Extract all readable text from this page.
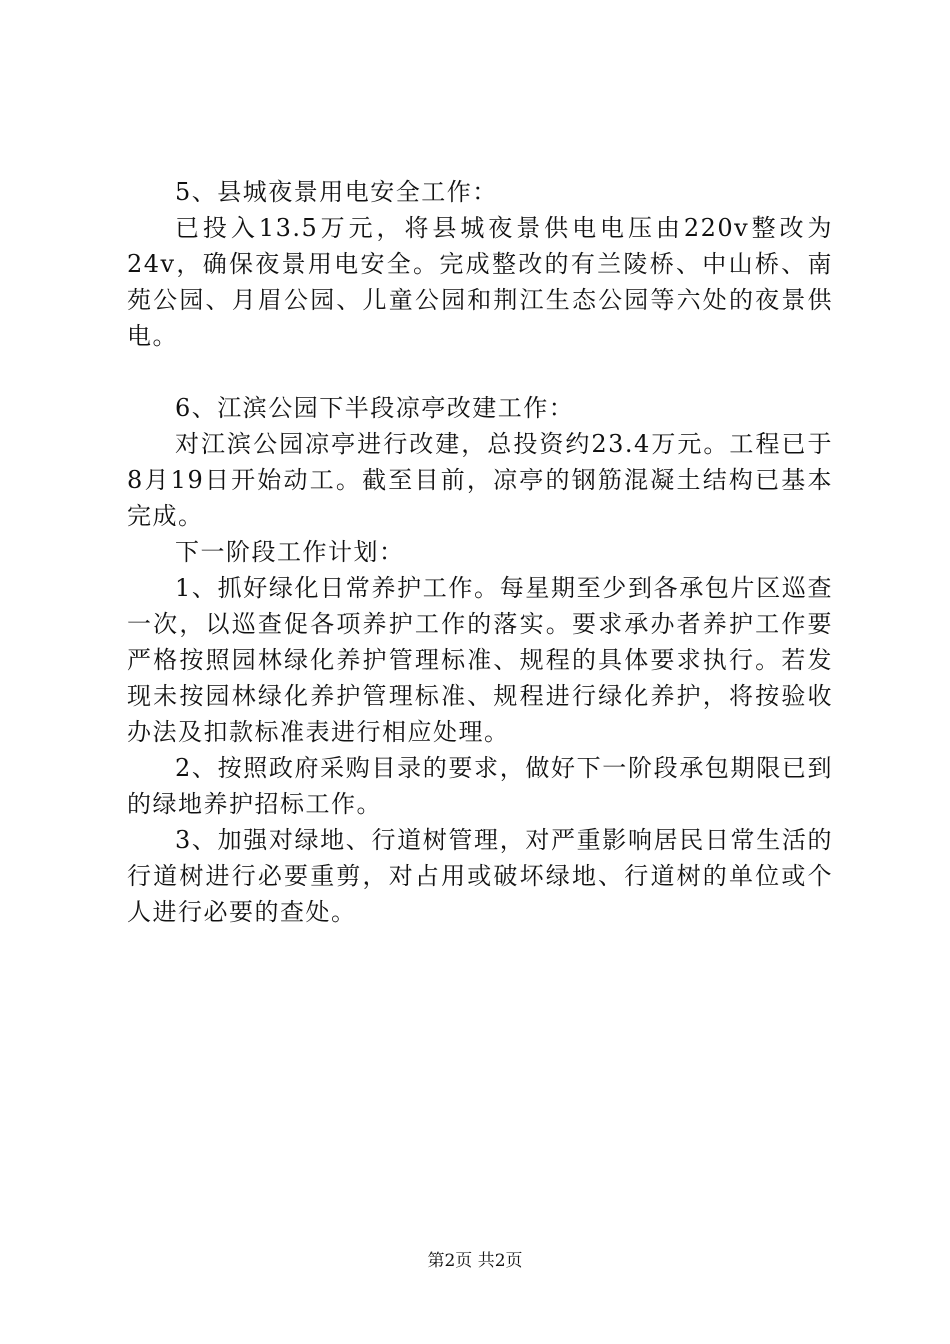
5、县城夜景用电安全工作：

已投入13.5万元，将县城夜景供电电压由220v整改为24v，确保夜景用电安全。完成整改的有兰陵桥、中山桥、南苑公园、月眉公园、儿童公园和荆江生态公园等六处的夜景供电。

6、江滨公园下半段凉亭改建工作：

对江滨公园凉亭进行改建，总投资约23.4万元。工程已于8月19日开始动工。截至目前，凉亭的钢筋混凝土结构已基本完成。

下一阶段工作计划：

1、抓好绿化日常养护工作。每星期至少到各承包片区巡查一次，以巡查促各项养护工作的落实。要求承办者养护工作要严格按照园林绿化养护管理标准、规程的具体要求执行。若发现未按园林绿化养护管理标准、规程进行绿化养护，将按验收办法及扣款标准表进行相应处理。

2、按照政府采购目录的要求，做好下一阶段承包期限已到的绿地养护招标工作。

3、加强对绿地、行道树管理，对严重影响居民日常生活的行道树进行必要重剪，对占用或破坏绿地、行道树的单位或个人进行必要的查处。

第2页 共2页
